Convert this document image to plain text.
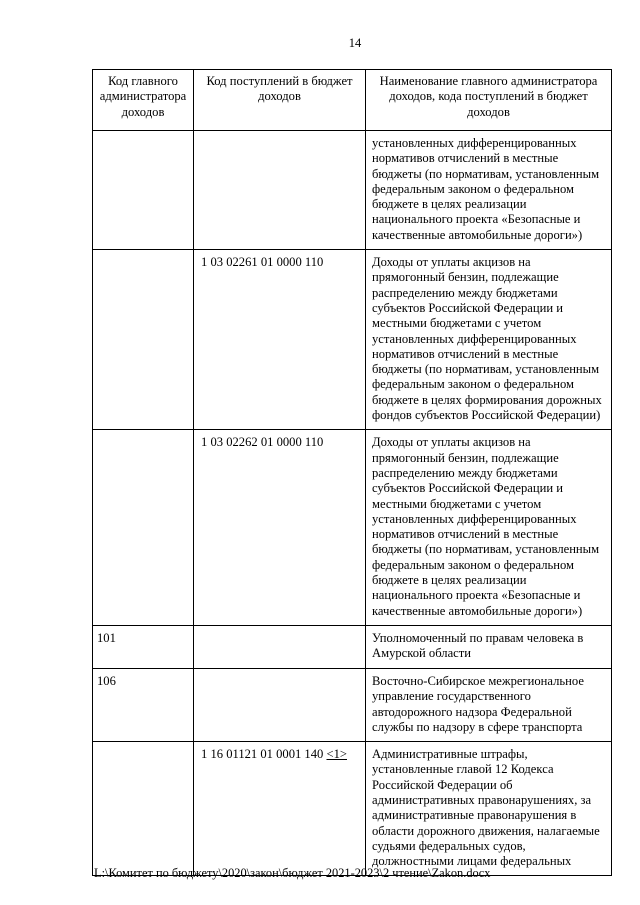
14
Код главного администратора доходов	Код поступлений в бюджет доходов	Наименование главного администратора доходов, кода поступлений в бюджет доходов
		установленных дифференцированных нормативов отчислений в местные бюджеты (по нормативам, установленным федеральным законом о федеральном бюджете в целях реализации национального проекта «Безопасные и качественные автомобильные дороги»)
	1 03 02261 01 0000 110	Доходы от уплаты акцизов на прямогонный бензин, подлежащие распределению между бюджетами субъектов Российской Федерации и местными бюджетами с учетом установленных дифференцированных нормативов отчислений в местные бюджеты (по нормативам, установленным федеральным законом о федеральном бюджете в целях формирования дорожных фондов субъектов Российской Федерации)
	1 03 02262 01 0000 110	Доходы от уплаты акцизов на прямогонный бензин, подлежащие распределению между бюджетами субъектов Российской Федерации и местными бюджетами с учетом установленных дифференцированных нормативов отчислений в местные бюджеты (по нормативам, установленным федеральным законом о федеральном бюджете в целях реализации национального проекта «Безопасные и качественные автомобильные дороги»)
101		Уполномоченный по правам человека в Амурской области
106		Восточно-Сибирское межрегиональное управление государственного автодорожного надзора Федеральной службы по надзору в сфере транспорта
	1 16 01121 01 0001 140 <1>	Административные штрафы, установленные главой 12 Кодекса Российской Федерации об административных правонарушениях, за административные правонарушения в области дорожного движения, налагаемые судьями федеральных судов, должностными лицами федеральных
L:\Комитет по бюджету\2020\закон\бюджет 2021-2023\2 чтение\Zakon.docx
